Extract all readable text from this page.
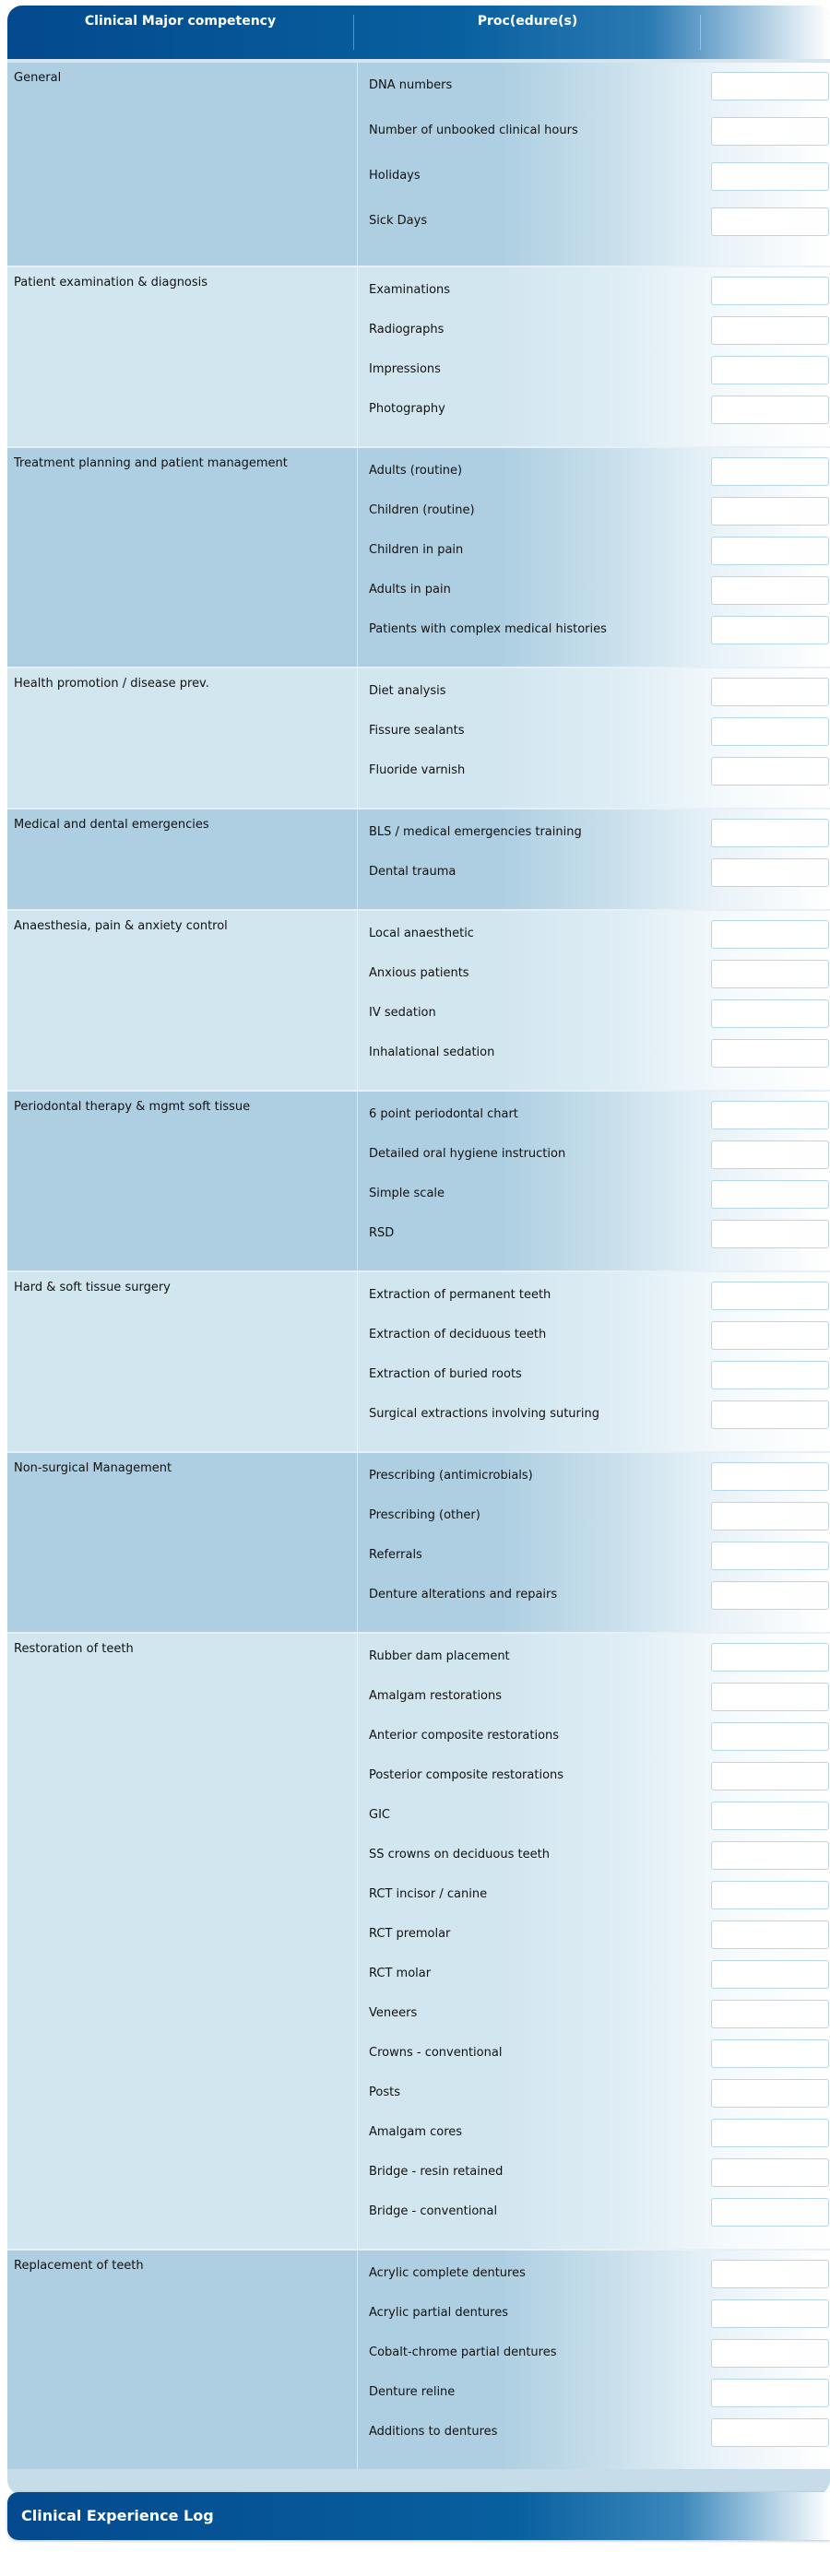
Clinical Major competency	Proc(edure(s)
General
DNA numbers
Number of unbooked clinical hours
Holidays
Sick Days
Patient examination & diagnosis
Examinations
Radiographs
Impressions
Photography
Treatment planning and patient management
Adults (routine)
Children (routine)
Children in pain
Adults in pain
Patients with complex medical histories
Health promotion / disease prev.
Diet analysis
Fissure sealants
Fluoride varnish
Medical and dental emergencies
BLS / medical emergencies training
Dental trauma
Anaesthesia, pain & anxiety control
Local anaesthetic
Anxious patients
IV sedation
Inhalational sedation
Periodontal therapy & mgmt soft tissue
6 point periodontal chart
Detailed oral hygiene instruction
Simple scale
RSD
Hard & soft tissue surgery
Extraction of permanent teeth
Extraction of deciduous teeth
Extraction of buried roots
Surgical extractions involving suturing
Non-surgical Management
Prescribing (antimicrobials)
Prescribing (other)
Referrals
Denture alterations and repairs
Restoration of teeth
Rubber dam placement
Amalgam restorations
Anterior composite restorations
Posterior composite restorations
GIC
SS crowns on deciduous teeth
RCT incisor / canine
RCT premolar
RCT molar
Veneers
Crowns - conventional
Posts
Amalgam cores
Bridge - resin retained
Bridge - conventional
Replacement of teeth
Acrylic complete dentures
Acrylic partial dentures
Cobalt-chrome partial dentures
Denture reline
Additions to dentures
Clinical Experience Log
